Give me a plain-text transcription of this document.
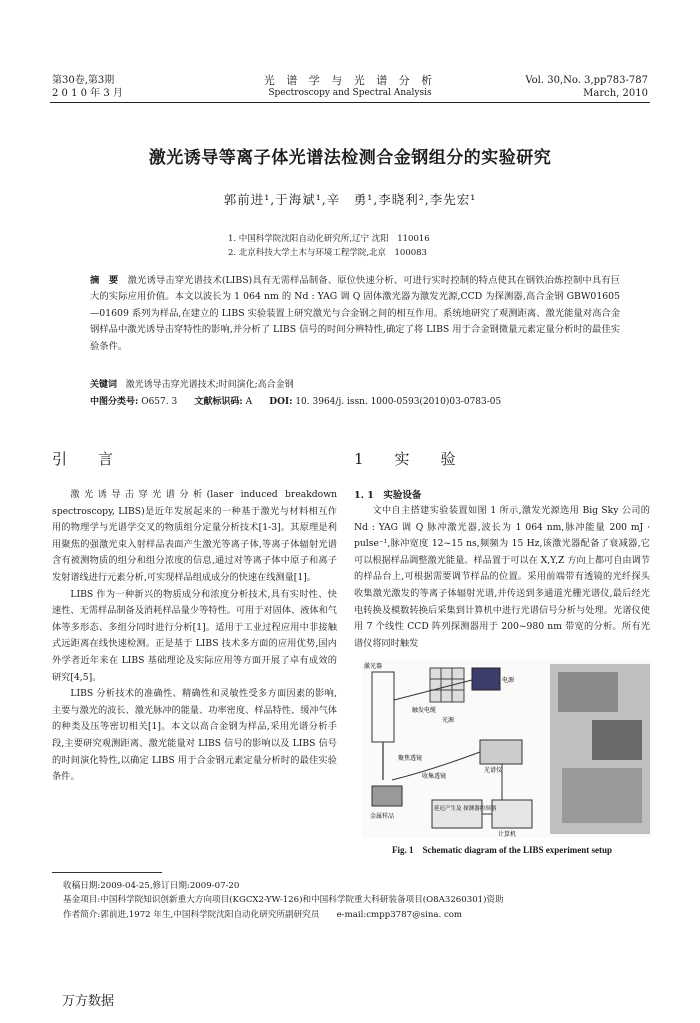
第30卷,第3期
2 0 1 0 年 3 月
光 谱 学 与 光 谱 分 析
Spectroscopy and Spectral Analysis
Vol. 30,No. 3,pp783-787
March, 2010
激光诱导等离子体光谱法检测合金钢组分的实验研究
郭前进¹,于海斌¹,辛　勇¹,李晓利²,李先宏¹
1. 中国科学院沈阳自动化研究所,辽宁 沈阳　110016
2. 北京科技大学土木与环境工程学院,北京　100083
摘　要 激光诱导击穿光谱技术(LIBS)具有无需样品制备、原位快速分析、可进行实时控制的特点使其在钢铁冶炼控制中具有巨大的实际应用价值。本文以波长为 1 064 nm 的 Nd : YAG 调 Q 固体激光器为激发光源,CCD 为探测器,高合金钢 GBW01605—01609 系列为样品,在建立的 LIBS 实验装置上研究激光与合金钢之间的相互作用。系统地研究了观测距离、激光能量对高合金钢样品中激光诱导击穿特性的影响,并分析了 LIBS 信号的时间分辨特性,确定了将 LIBS 用于合金钢微量元素定量分析时的最佳实验条件。
关键词 激光诱导击穿光谱技术;时间演化;高合金钢
中图分类号: O657. 3 文献标识码: A DOI: 10. 3964/j. issn. 1000-0593(2010)03-0783-05
引　言

激光诱导击穿光谱分析(laser induced breakdown spectroscopy, LIBS)是近年发展起来的一种基于激光与材料相互作用的物理学与光谱学交叉的物质组分定量分析技术[1-3]。其原理是利用聚焦的强激光束入射样品表面产生激光等离子体,等离子体辐射光谱含有被测物质的组分和组分浓度的信息,通过对等离子体中原子和离子发射谱线进行元素分析,可实现样品组成成分的快速在线测量[1]。

LIBS 作为一种新兴的物质成分和浓度分析技术,具有实时性、快速性、无需样品制备及消耗样品量少等特性。可用于对固体、液体和气体等多形态、多组分同时进行分析[1]。适用于工业过程应用中非接触式远距离在线快速检测。正是基于 LIBS 技术多方面的应用优势,国内外学者近年来在 LIBS 基础理论及实际应用等方面开展了卓有成效的研究[4,5]。

LIBS 分析技术的准确性、精确性和灵敏性受多方面因素的影响,主要与激光的波长、激光脉冲的能量、功率密度、样品特性、缓冲气体的种类及压等密切相关[1]。本文以高合金钢为样品,采用光谱分析手段,主要研究观测距离、激光能量对 LIBS 信号的影响以及 LIBS 信号的时间演化特性,以确定 LIBS 用于合金钢元素定量分析时的最佳实验条件。

1　实　验
1. 1　实验设备

文中自主搭建实验装置如图 1 所示,激发光源选用 Big Sky 公司的 Nd : YAG 调 Q 脉冲激光器,波长为 1 064 nm,脉冲能量 200 mJ · pulse⁻¹,脉冲宽度 12~15 ns,频频为 15 Hz,该激光器配备了衰减器,它可以根据样品调整激光能量。样品置于可以在 X,Y,Z 方向上都可自由调节的样品台上,可根据需要调节样品的位置。采用前端带有透镜的光纤探头收集激光激发的等离子体辐射光谱,并传送到多通道光栅光谱仪,最后经光电转换及模数转换后采集到计算机中进行光谱信号分析与处理。光谱仪使用 7 个线性 CCD 阵列探测器用于 200~980 nm 带宽的分析。所有光谱仪将同时触发

激光器
电源
触发电缆
光源
聚焦透镜
收集透镜
光谱仪
金属样品
延迟产生及 探测器控制器
计算机
Fig. 1　Schematic diagram of the LIBS experiment setup
收稿日期:2009-04-25,修订日期:2009-07-20
基金项目:中国科学院知识创新重大方向项目(KGCX2-YW-126)和中国科学院重大科研装备项目(O8A3260301)资助
作者简介:郭前进,1972 年生,中国科学院沈阳自动化研究所副研究员　　e-mail:cmpp3787@sina. com
万方数据
